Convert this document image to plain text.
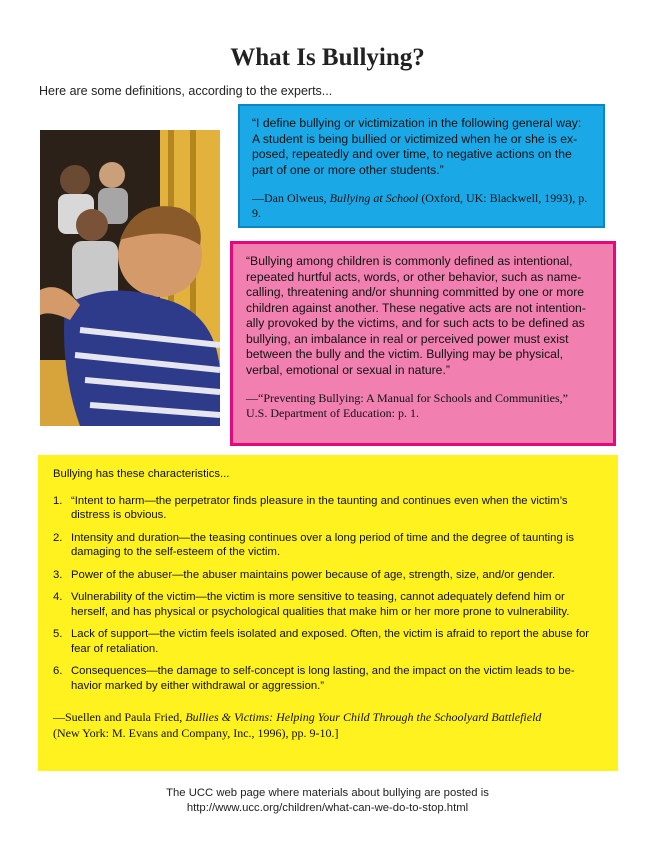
What Is Bullying?
Here are some definitions, according to the experts...
“I define bullying or victimization in the following general way: A student is being bullied or victimized when he or she is ex-posed, repeatedly and over time, to negative actions on the part of one or more other students.”
—Dan Olweus, Bullying at School (Oxford, UK: Blackwell, 1993), p. 9.
“Bullying among children is commonly defined as intentional, repeated hurtful acts, words, or other behavior, such as name-calling, threatening and/or shunning committed by one or more children against another. These negative acts are not intention-ally provoked by the victims, and for such acts to be defined as bullying, an imbalance in real or perceived power must exist between the bully and the victim. Bullying may be physical, verbal, emotional or sexual in nature.”
—“Preventing Bullying: A Manual for Schools and Communities,”
U.S. Department of Education: p. 1.
Bullying has these characteristics...
1. “Intent to harm—the perpetrator finds pleasure in the taunting and continues even when the victim’s distress is obvious.
2. Intensity and duration—the teasing continues over a long period of time and the degree of taunting is damaging to the self-esteem of the victim.
3. Power of the abuser—the abuser maintains power because of age, strength, size, and/or gender.
4. Vulnerability of the victim—the victim is more sensitive to teasing, cannot adequately defend him or herself, and has physical or psychological qualities that make him or her more prone to vulnerability.
5. Lack of support—the victim feels isolated and exposed. Often, the victim is afraid to report the abuse for fear of retaliation.
6. Consequences—the damage to self-concept is long lasting, and the impact on the victim leads to be-havior marked by either withdrawal or aggression.”
—Suellen and Paula Fried, Bullies & Victims: Helping Your Child Through the Schoolyard Battlefield
(New York: M. Evans and Company, Inc., 1996), pp. 9-10.]
The UCC web page where materials about bullying are posted is
http://www.ucc.org/children/what-can-we-do-to-stop.html
